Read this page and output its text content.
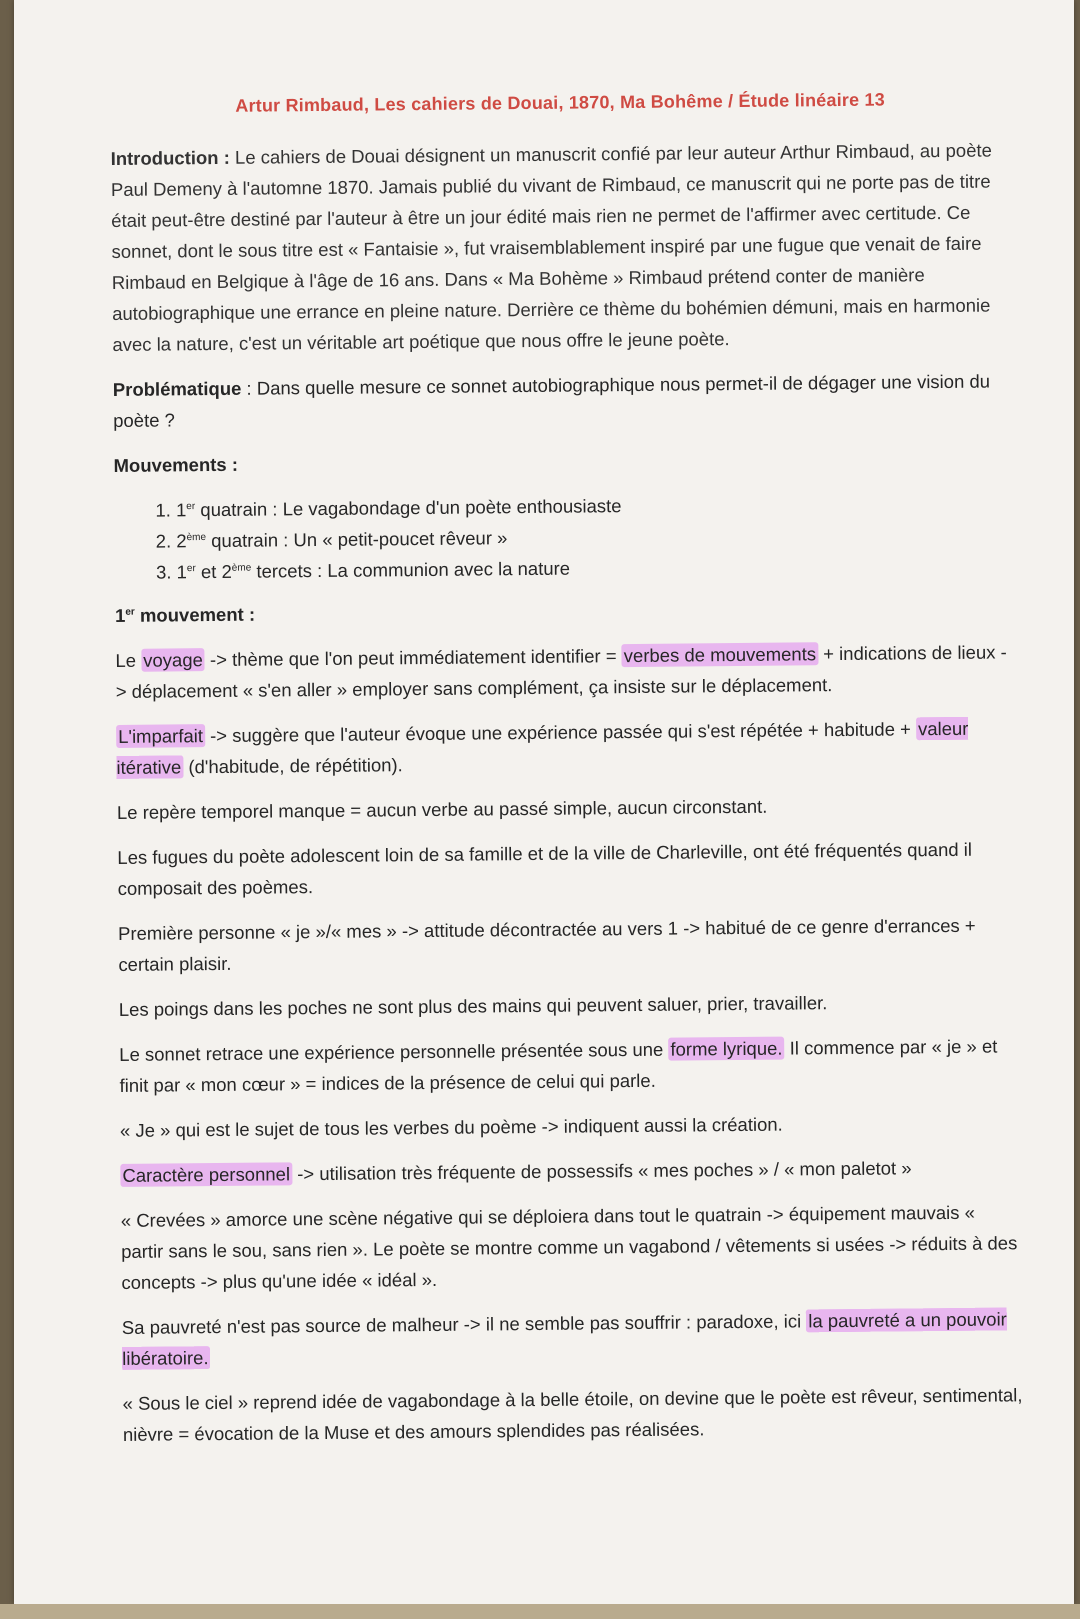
Artur Rimbaud, Les cahiers de Douai, 1870, Ma Bohême / Étude linéaire 13

Introduction : Le cahiers de Douai désignent un manuscrit confié par leur auteur Arthur Rimbaud, au poète Paul Demeny à l'automne 1870. Jamais publié du vivant de Rimbaud, ce manuscrit qui ne porte pas de titre était peut-être destiné par l'auteur à être un jour édité mais rien ne permet de l'affirmer avec certitude. Ce sonnet, dont le sous titre est « Fantaisie », fut vraisemblablement inspiré par une fugue que venait de faire Rimbaud en Belgique à l'âge de 16 ans. Dans « Ma Bohème » Rimbaud prétend conter de manière autobiographique une errance en pleine nature. Derrière ce thème du bohémien démuni, mais en harmonie avec la nature, c'est un véritable art poétique que nous offre le jeune poète.

Problématique : Dans quelle mesure ce sonnet autobiographique nous permet-il de dégager une vision du poète ?

Mouvements :

1. 1er quatrain : Le vagabondage d'un poète enthousiaste
2. 2ème quatrain : Un « petit-poucet rêveur »
3. 1er et 2ème tercets : La communion avec la nature

1er mouvement :

Le voyage -> thème que l'on peut immédiatement identifier = verbes de mouvements + indications de lieux -> déplacement « s'en aller » employer sans complément, ça insiste sur le déplacement.

L'imparfait -> suggère que l'auteur évoque une expérience passée qui s'est répétée + habitude + valeur itérative (d'habitude, de répétition).

Le repère temporel manque = aucun verbe au passé simple, aucun circonstant.

Les fugues du poète adolescent loin de sa famille et de la ville de Charleville, ont été fréquentés quand il composait des poèmes.

Première personne « je »/« mes » -> attitude décontractée au vers 1 -> habitué de ce genre d'errances + certain plaisir.

Les poings dans les poches ne sont plus des mains qui peuvent saluer, prier, travailler.

Le sonnet retrace une expérience personnelle présentée sous une forme lyrique. Il commence par « je » et finit par « mon cœur » = indices de la présence de celui qui parle.

« Je » qui est le sujet de tous les verbes du poème -> indiquent aussi la création.

Caractère personnel -> utilisation très fréquente de possessifs « mes poches » / « mon paletot »

« Crevées » amorce une scène négative qui se déploiera dans tout le quatrain -> équipement mauvais « partir sans le sou, sans rien ». Le poète se montre comme un vagabond / vêtements si usées -> réduits à des concepts -> plus qu'une idée « idéal ».

Sa pauvreté n'est pas source de malheur -> il ne semble pas souffrir : paradoxe, ici la pauvreté a un pouvoir libératoire.

« Sous le ciel » reprend idée de vagabondage à la belle étoile, on devine que le poète est rêveur, sentimental, nièvre = évocation de la Muse et des amours splendides pas réalisées.
